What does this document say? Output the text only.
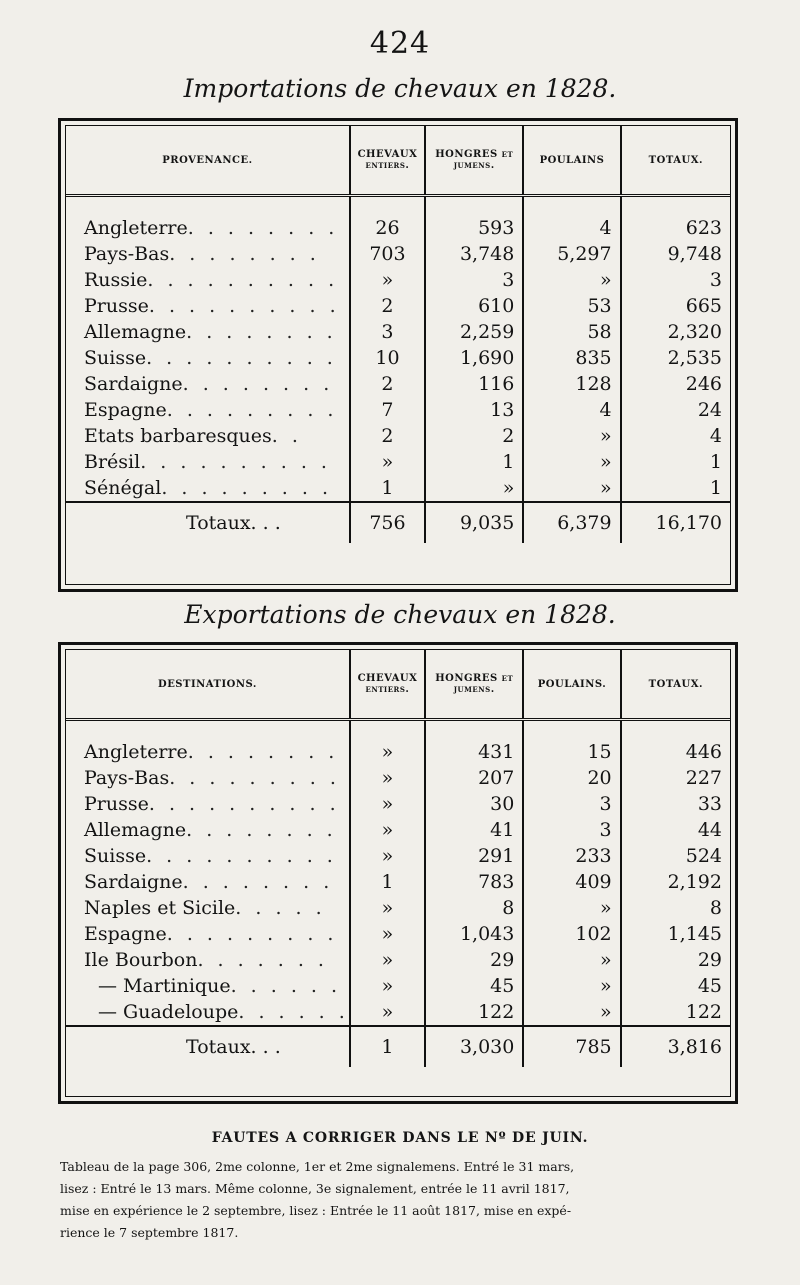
424
Importations de chevaux en 1828.
PROVENANCE.	CHEVAUX entiers.	HONGRES et jumens.	POULAINS	TOTAUX.
Angleterre. . . . . . . .	26	593	4	623
Pays-Bas. . . . . . . .	703	3,748	5,297	9,748
Russie. . . . . . . . . .	»	3	»	3
Prusse. . . . . . . . . .	2	610	53	665
Allemagne. . . . . . . .	3	2,259	58	2,320
Suisse. . . . . . . . . .	10	1,690	835	2,535
Sardaigne. . . . . . . .	2	116	128	246
Espagne. . . . . . . . .	7	13	4	24
Etats barbaresques. .	2	2	»	4
Brésil. . . . . . . . . .	»	1	»	1
Sénégal. . . . . . . . .	1	»	»	1
Totaux. . .	756	9,035	6,379	16,170
Exportations de chevaux en 1828.
DESTINATIONS.	CHEVAUX entiers.	HONGRES et jumens.	POULAINS.	TOTAUX.
Angleterre. . . . . . . .	»	431	15	446
Pays-Bas. . . . . . . . .	»	207	20	227
Prusse. . . . . . . . . .	»	30	3	33
Allemagne. . . . . . . .	»	41	3	44
Suisse. . . . . . . . . .	»	291	233	524
Sardaigne. . . . . . . .	1	783	409	2,192
Naples et Sicile. . . . .	»	8	»	8
Espagne. . . . . . . . .	»	1,043	102	1,145
Ile Bourbon. . . . . . .	»	29	»	29
— Martinique. . . . . .	»	45	»	45
— Guadeloupe. . . . . .	»	122	»	122
Totaux. . .	1	3,030	785	3,816
FAUTES A CORRIGER DANS LE Nº DE JUIN.
Tableau de la page 306, 2me colonne, 1er et 2me signalemens. Entré le 31 mars,
lisez : Entré le 13 mars. Même colonne, 3e signalement, entrée le 11 avril 1817,
mise en expérience le 2 septembre, lisez : Entrée le 11 août 1817, mise en expé-
rience le 7 septembre 1817.
